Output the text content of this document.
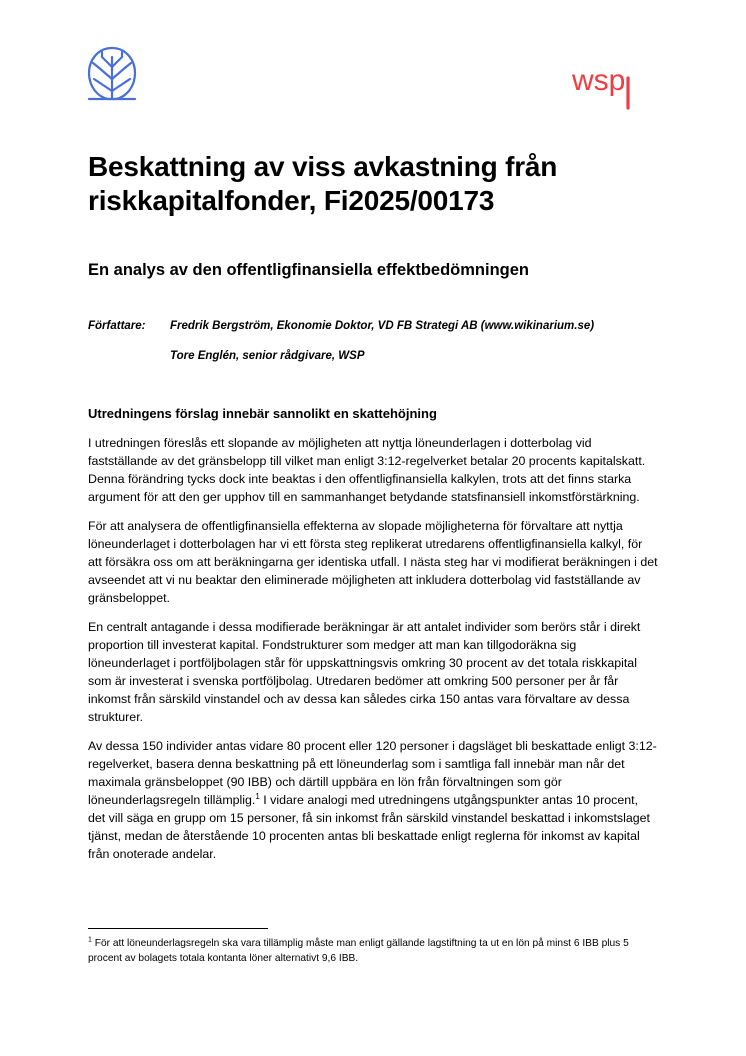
wsp
Beskattning av viss avkastning från riskkapitalfonder, Fi2025/00173
En analys av den offentligfinansiella effektbedömningen
Författare: Fredrik Bergström, Ekonomie Doktor, VD FB Strategi AB (www.wikinarium.se)
Tore Englén, senior rådgivare, WSP
Utredningens förslag innebär sannolikt en skattehöjning

I utredningen föreslås ett slopande av möjligheten att nyttja löneunderlagen i dotterbolag vid fastställande av det gränsbelopp till vilket man enligt 3:12-regelverket betalar 20 procents kapitalskatt. Denna förändring tycks dock inte beaktas i den offentligfinansiella kalkylen, trots att det finns starka argument för att den ger upphov till en sammanhanget betydande statsfinansiell inkomstförstärkning.

För att analysera de offentligfinansiella effekterna av slopade möjligheterna för förvaltare att nyttja löneunderlaget i dotterbolagen har vi ett första steg replikerat utredarens offentligfinansiella kalkyl, för att försäkra oss om att beräkningarna ger identiska utfall. I nästa steg har vi modifierat beräkningen i det avseendet att vi nu beaktar den eliminerade möjligheten att inkludera dotterbolag vid fastställande av gränsbeloppet.

En centralt antagande i dessa modifierade beräkningar är att antalet individer som berörs står i direkt proportion till investerat kapital. Fondstrukturer som medger att man kan tillgodoräkna sig löneunderlaget i portföljbolagen står för uppskattningsvis omkring 30 procent av det totala riskkapital som är investerat i svenska portföljbolag. Utredaren bedömer att omkring 500 personer per år får inkomst från särskild vinstandel och av dessa kan således cirka 150 antas vara förvaltare av dessa strukturer.

Av dessa 150 individer antas vidare 80 procent eller 120 personer i dagsläget bli beskattade enligt 3:12-regelverket, basera denna beskattning på ett löneunderlag som i samtliga fall innebär man når det maximala gränsbeloppet (90 IBB) och därtill uppbära en lön från förvaltningen som gör löneunderlagsregeln tillämplig.$^1$ I vidare analogi med utredningens utgångspunkter antas 10 procent, det vill säga en grupp om 15 personer, få sin inkomst från särskild vinstandel beskattad i inkomstslaget tjänst, medan de återstående 10 procenten antas bli beskattade enligt reglerna för inkomst av kapital från onoterade andelar.

$^1$ För att löneunderlagsregeln ska vara tillämplig måste man enligt gällande lagstiftning ta ut en lön på minst 6 IBB plus 5 procent av bolagets totala kontanta löner alternativt 9,6 IBB.
